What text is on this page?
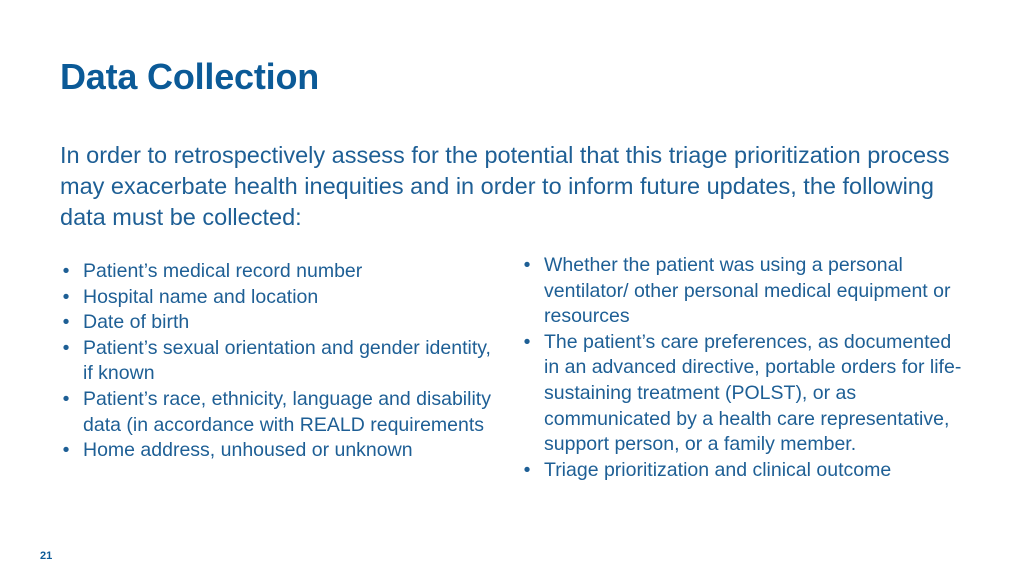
Data Collection

In order to retrospectively assess for the potential that this triage prioritization process may exacerbate health inequities and in order to inform future updates, the following data must be collected:

• Patient’s medical record number
• Hospital name and location
• Date of birth
• Patient’s sexual orientation and gender identity, if known
• Patient’s race, ethnicity, language and disability data (in accordance with REALD requirements
• Home address, unhoused or unknown
• Whether the patient was using a personal ventilator/ other personal medical equipment or resources
• The patient’s care preferences, as documented in an advanced directive, portable orders for life-sustaining treatment (POLST), or as communicated by a health care representative, support person, or a family member.
• Triage prioritization and clinical outcome
21
